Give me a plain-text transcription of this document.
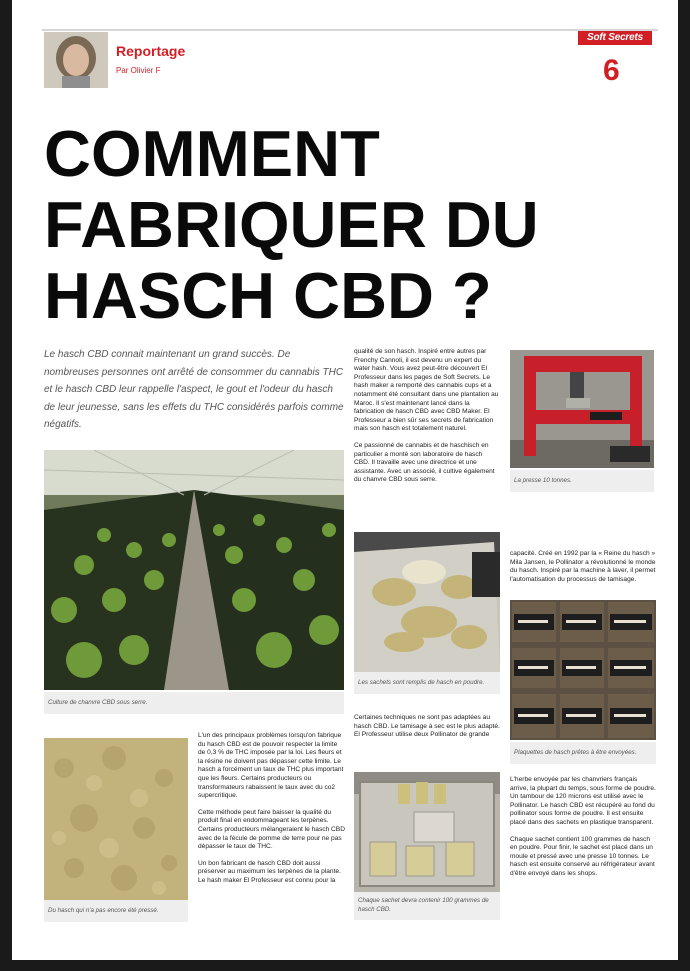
Reportage
Par Olivier F
Soft Secrets
6
COMMENT
FABRIQUER DU
HASCH CBD ?

Le hasch CBD connait maintenant un grand succès. De nombreuses personnes ont arrêté de consommer du cannabis THC et le hasch CBD leur rappelle l'aspect, le gout et l'odeur du hasch de leur jeunesse, sans les effets du THC considérés parfois comme négatifs.

qualité de son hasch. Inspiré entre autres par Frenchy Cannoli, il est devenu un expert du water hash. Vous avez peut-être découvert El Professeur dans les pages de Soft Secrets. Le hash maker a remporté des cannabis cups et a notamment été consultant dans une plantation au Maroc. Il s'est maintenant lancé dans la fabrication de hasch CBD avec CBD Maker. El Professeur a bien sûr ses secrets de fabrication mais son hasch est totalement naturel.

Ce passionné de cannabis et de haschisch en particulier a monté son laboratoire de hasch CBD. Il travaille avec une directrice et une assistante. Avec un associé, il cultive également du chanvre CBD sous serre.	La presse 10 tonnes.
Culture de chanvre CBD sous serre.
Les sachets sont remplis de hasch en poudre.

capacité. Créé en 1992 par la « Reine du hasch » Mila Jansen, le Pollinator a révolutionné le monde du hasch. Inspiré par la machine à laver, il permet l'automatisation du processus de tamisage.

Plaquettes de hasch prêtes à être envoyées.

Certaines techniques ne sont pas adaptées au hasch CBD. Le tamisage à sec est le plus adapté. El Professeur utilise deux Pollinator de grande

Du hasch qui n'a pas encore été pressé.

L'un des principaux problèmes lorsqu'on fabrique du hasch CBD est de pouvoir respecter la limite de 0,3 % de THC imposée par la loi. Les fleurs et la résine ne doivent pas dépasser cette limite. Le hasch a forcément un taux de THC plus important que les fleurs. Certains producteurs ou transformateurs rabaissent le taux avec du co2 supercritique.

Cette méthode peut faire baisser la qualité du produit final en endommageant les terpènes. Certains producteurs mélangeraient le hasch CBD avec de la fécule de pomme de terre pour ne pas dépasser le taux de THC.

Un bon fabricant de hasch CBD doit aussi préserver au maximum les terpènes de la plante. Le hash maker El Professeur est connu pour la

Chaque sachet devra contenir 100 grammes de hasch CBD.

L'herbe envoyée par les chanvriers français arrive, la plupart du temps, sous forme de poudre. Un tambour de 120 microns est utilisé avec le Pollinator. Le hasch CBD est récupéré au fond du pollinator sous forme de poudre. Il est ensuite placé dans des sachets en plastique transparent.

Chaque sachet contient 100 grammes de hasch en poudre. Pour finir, le sachet est placé dans un moule et pressé avec une presse 10 tonnes. Le hasch est ensuite conservé au réfrigérateur avant d'être envoyé dans les shops.
